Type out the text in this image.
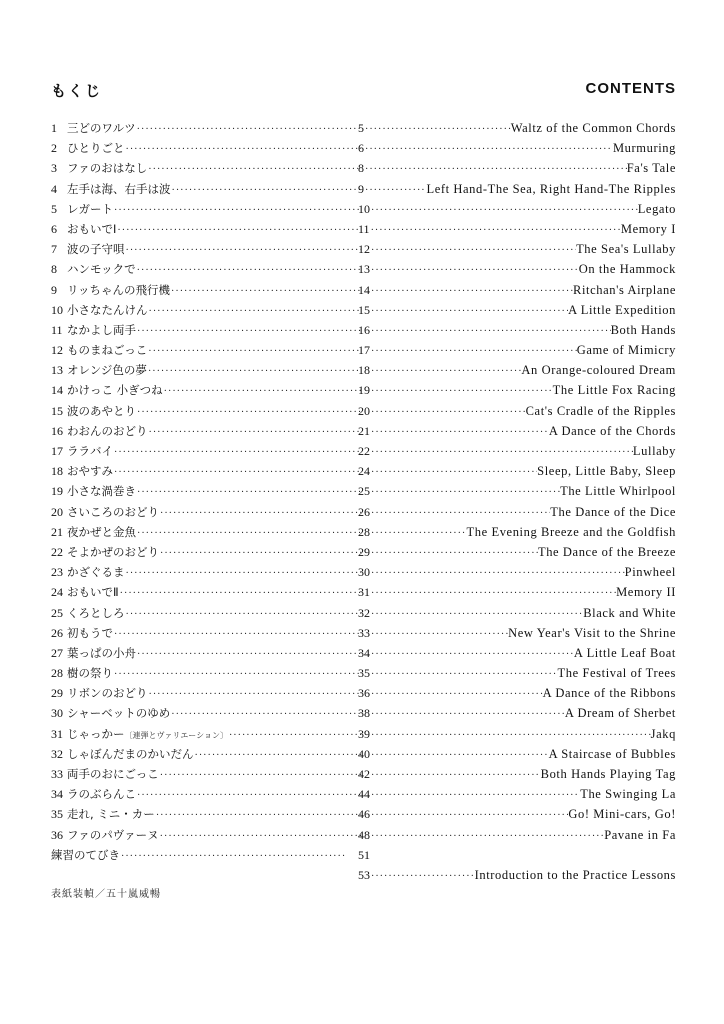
もくじ	CONTENTS
1 三どのワルツ ·····	5 ·····	Waltz of the Common Chords
2 ひとりごと ·····	6 ·····	Murmuring
3 ファのおはなし ·····	8 ·····	Fa's Tale
4 左手は海、右手は波 ·····	9 ·····	Left Hand-The Sea, Right Hand-The Ripples
5 レガート ·····	10 ·····	Legato
6 おもいでⅠ ·····	11 ·····	Memory I
7 波の子守唄 ·····	12 ·····	The Sea's Lullaby
8 ハンモックで ·····	13 ·····	On the Hammock
9 リッちゃんの飛行機 ·····	14 ·····	Ritchan's Airplane
10 小さなたんけん ·····	15 ·····	A Little Expedition
11 なかよし両手 ·····	16 ·····	Both Hands
12 ものまねごっこ ·····	17 ·····	Game of Mimicry
13 オレンジ色の夢 ·····	18 ·····	An Orange-coloured Dream
14 かけっこ 小ぎつね ·····	19 ·····	The Little Fox Racing
15 波のあやとり ·····	20 ·····	Cat's Cradle of the Ripples
16 わおんのおどり ·····	21 ·····	A Dance of the Chords
17 ララバイ ·····	22 ·····	Lullaby
18 おやすみ ·····	24 ·····	Sleep, Little Baby, Sleep
19 小さな渦巻き ·····	25 ·····	The Little Whirlpool
20 さいころのおどり ·····	26 ·····	The Dance of the Dice
21 夜かぜと金魚 ·····	28 ·····	The Evening Breeze and the Goldfish
22 そよかぜのおどり ·····	29 ·····	The Dance of the Breeze
23 かざぐるま ·····	30 ·····	Pinwheel
24 おもいでⅡ ·····	31 ·····	Memory II
25 くろとしろ ·····	32 ·····	Black and White
26 初もうで ·····	33 ·····	New Year's Visit to the Shrine
27 葉っぱの小舟 ·····	34 ·····	A Little Leaf Boat
28 樹の祭り ·····	35 ·····	The Festival of Trees
29 リボンのおどり ·····	36 ·····	A Dance of the Ribbons
30 シャーベットのゆめ ·····	38 ·····	A Dream of Sherbet
31 じゃっかー〔連弾とヴァリエーション〕 ·····	39 ·····	Jakq
32 しゃぼんだまのかいだん ·····	40 ·····	A Staircase of Bubbles
33 両手のおにごっこ ·····	42 ·····	Both Hands Playing Tag
34 ラのぶらんこ ·····	44 ·····	The Swinging La
35 走れ, ミニ・カー ·····	46 ·····	Go! Mini-cars, Go!
36 ファのパヴァーヌ ·····	48 ·····	Pavane in Fa
練習のてびき ·····	51
53 ·····	Introduction to the Practice Lessons
表紙装幀／五十嵐威暢
